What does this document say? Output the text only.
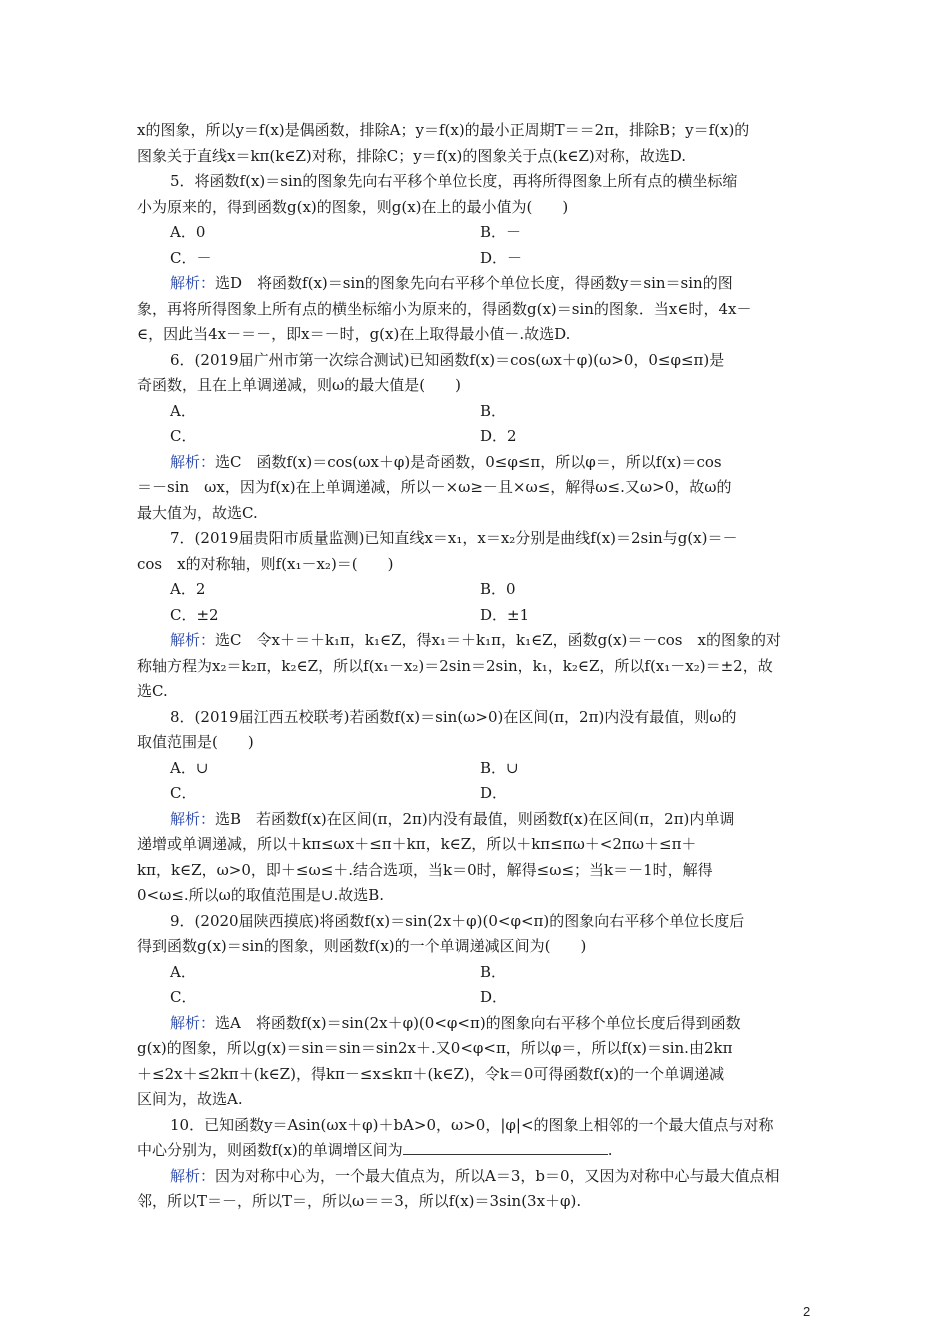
x的图象，所以y＝f(x)是偶函数，排除A；y＝f(x)的最小正周期T＝＝2π，排除B；y＝f(x)的

图象关于直线x＝kπ(k∈Z)对称，排除C；y＝f(x)的图象关于点(k∈Z)对称，故选D.

5．将函数f(x)＝sin的图象先向右平移个单位长度，再将所得图象上所有点的横坐标缩

小为原来的，得到函数g(x)的图象，则g(x)在上的最小值为(　　)

A．0	B．－
C．－	D．－

解析：选D　将函数f(x)＝sin的图象先向右平移个单位长度，得函数y＝sin＝sin的图

象，再将所得图象上所有点的横坐标缩小为原来的，得函数g(x)＝sin的图象．当x∈时，4x－

∈，因此当4x－＝－，即x＝－时，g(x)在上取得最小值－.故选D.

6．(2019届广州市第一次综合测试)已知函数f(x)＝cos(ωx＋φ)(ω>0，0≤φ≤π)是

奇函数，且在上单调递减，则ω的最大值是(　　)

A．	B．
C．	D．2

解析：选C　函数f(x)＝cos(ωx＋φ)是奇函数，0≤φ≤π，所以φ＝，所以f(x)＝cos

＝－sin　ωx，因为f(x)在上单调递减，所以－×ω≥－且×ω≤，解得ω≤.又ω>0，故ω的

最大值为，故选C.

7．(2019届贵阳市质量监测)已知直线x＝x₁，x＝x₂分别是曲线f(x)＝2sin与g(x)＝－

cos　x的对称轴，则f(x₁－x₂)＝(　　)

A．2	B．0
C．±2	D．±1

解析：选C　令x＋＝＋k₁π，k₁∈Z，得x₁＝＋k₁π，k₁∈Z，函数g(x)＝－cos　x的图象的对

称轴方程为x₂＝k₂π，k₂∈Z，所以f(x₁－x₂)＝2sin＝2sin，k₁，k₂∈Z，所以f(x₁－x₂)＝±2，故

选C.

8．(2019届江西五校联考)若函数f(x)＝sin(ω>0)在区间(π，2π)内没有最值，则ω的

取值范围是(　　)

A．∪	B．∪
C．	D．

解析：选B　若函数f(x)在区间(π，2π)内没有最值，则函数f(x)在区间(π，2π)内单调

递增或单调递减，所以＋kπ≤ωx＋≤π＋kπ，k∈Z，所以＋kπ≤πω＋<2πω＋≤π＋

kπ，k∈Z，ω>0，即＋≤ω≤＋.结合选项，当k＝0时，解得≤ω≤；当k＝－1时，解得

0<ω≤.所以ω的取值范围是∪.故选B.

9．(2020届陕西摸底)将函数f(x)＝sin(2x＋φ)(0<φ<π)的图象向右平移个单位长度后

得到函数g(x)＝sin的图象，则函数f(x)的一个单调递减区间为(　　)

A．	B．
C．	D．

解析：选A　将函数f(x)＝sin(2x＋φ)(0<φ<π)的图象向右平移个单位长度后得到函数

g(x)的图象，所以g(x)＝sin＝sin＝sin2x＋.又0<φ<π，所以φ＝，所以f(x)＝sin.由2kπ

＋≤2x＋≤2kπ＋(k∈Z)，得kπ－≤x≤kπ＋(k∈Z)，令k＝0可得函数f(x)的一个单调递减

区间为，故选A.

10．已知函数y＝Asin(ωx＋φ)＋bA>0，ω>0，|φ|<的图象上相邻的一个最大值点与对称

中心分别为，则函数f(x)的单调增区间为	.

解析：因为对称中心为，一个最大值点为，所以A＝3，b＝0，又因为对称中心与最大值点相

邻，所以T＝－，所以T＝，所以ω＝＝3，所以f(x)＝3sin(3x＋φ).

2
